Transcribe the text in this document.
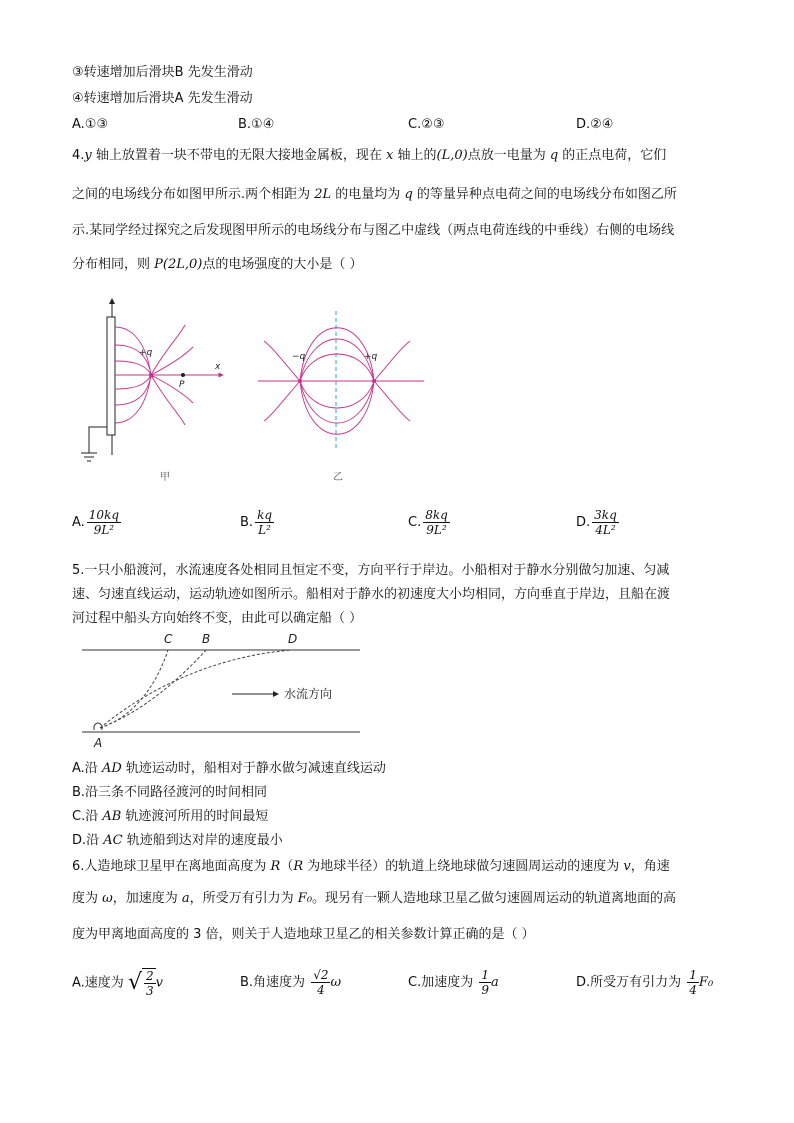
③转速增加后滑块B 先发生滑动
④转速增加后滑块A 先发生滑动
A.①③	B.①④	C.②③	D.②④
4.y 轴上放置着一块不带电的无限大接地金属板，现在 x 轴上的(L,0)点放一电量为 q 的正点电荷，它们
之间的电场线分布如图甲所示.两个相距为 2L 的电量均为 q 的等量异种点电荷之间的电场线分布如图乙所
示.某同学经过探究之后发现图甲所示的电场线分布与图乙中虚线（两点电荷连线的中垂线）右侧的电场线
分布相同，则 P(2L,0)点的电场强度的大小是（ ）
+q
x
P
甲
−q	+q
乙
A. $\frac{10kq}{\text{9L²}}$	B. $\frac{kq}{\text{L²}}$	C. $\frac{8kq}{\text{9L²}}$	D. $\frac{3kq}{\text{4L²}}$
5.一只小船渡河，水流速度各处相同且恒定不变，方向平行于岸边。小船相对于静水分别做匀加速、匀减
速、匀速直线运动，运动轨迹如图所示。船相对于静水的初速度大小均相同，方向垂直于岸边，且船在渡
河过程中船头方向始终不变，由此可以确定船（ ）
C B	D
A
水流方向
A.沿 AD 轨迹运动时，船相对于静水做匀减速直线运动
B.沿三条不同路径渡河的时间相同
C.沿 AB 轨迹渡河所用的时间最短
D.沿 AC 轨迹船到达对岸的速度最小
6.人造地球卫星甲在离地面高度为 R（R 为地球半径）的轨道上绕地球做匀速圆周运动的速度为 v，角速
度为 ω，加速度为 a，所受万有引力为 F₀。现另有一颗人造地球卫星乙做匀速圆周运动的轨道离地面的高
度为甲离地面高度的 3 倍，则关于人造地球卫星乙的相关参数计算正确的是（ ）
A.速度为 √ $\frac{2}{3}$ v	B.角速度为 $\frac{√2}{4}$ ω	C.加速度为 $\frac{1}{9}$ a	D.所受万有引力为 $\frac{1}{4} F_0$
